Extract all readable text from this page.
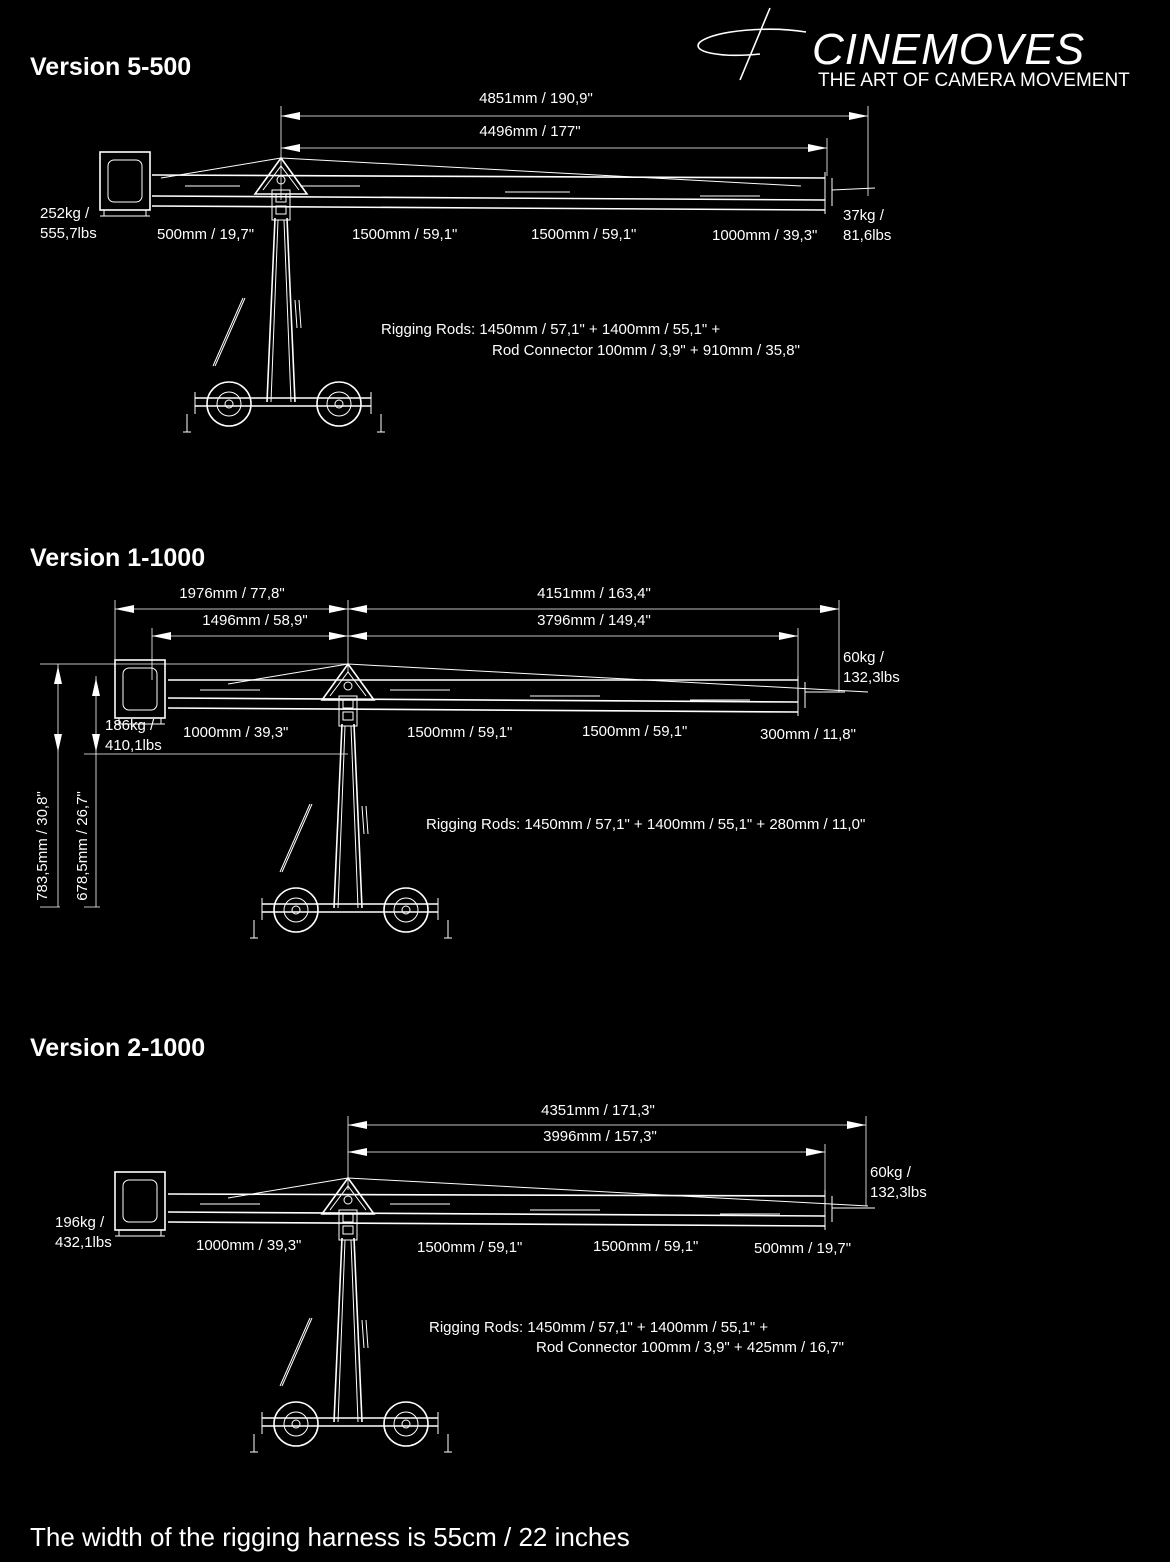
CINEMOVES
THE ART OF CAMERA MOVEMENT
Version 5-500
4851mm / 190,9"
4496mm / 177"
252kg /
555,7lbs
37kg /
81,6lbs
500mm / 19,7"	1500mm / 59,1"	1500mm / 59,1"	1000mm / 39,3"
Rigging Rods: 1450mm / 57,1" + 1400mm / 55,1" +
Rod Connector 100mm / 3,9" + 910mm / 35,8"
Version 1-1000
1976mm / 77,8"
1496mm / 58,9"
4151mm / 163,4"
3796mm / 149,4"
783,5mm / 30,8" 678,5mm / 26,7"
186kg /
410,1lbs
60kg /
132,3lbs
1000mm / 39,3"	1500mm / 59,1"	1500mm / 59,1"	300mm / 11,8"
Rigging Rods: 1450mm / 57,1" + 1400mm / 55,1" + 280mm / 11,0"
Version 2-1000
4351mm / 171,3"
3996mm / 157,3"
196kg /
432,1lbs
60kg /
132,3lbs
1000mm / 39,3"	1500mm / 59,1"	1500mm / 59,1"	500mm / 19,7"
Rigging Rods: 1450mm / 57,1" + 1400mm / 55,1" +
Rod Connector 100mm / 3,9" + 425mm / 16,7"
The width of the rigging harness is 55cm / 22 inches
